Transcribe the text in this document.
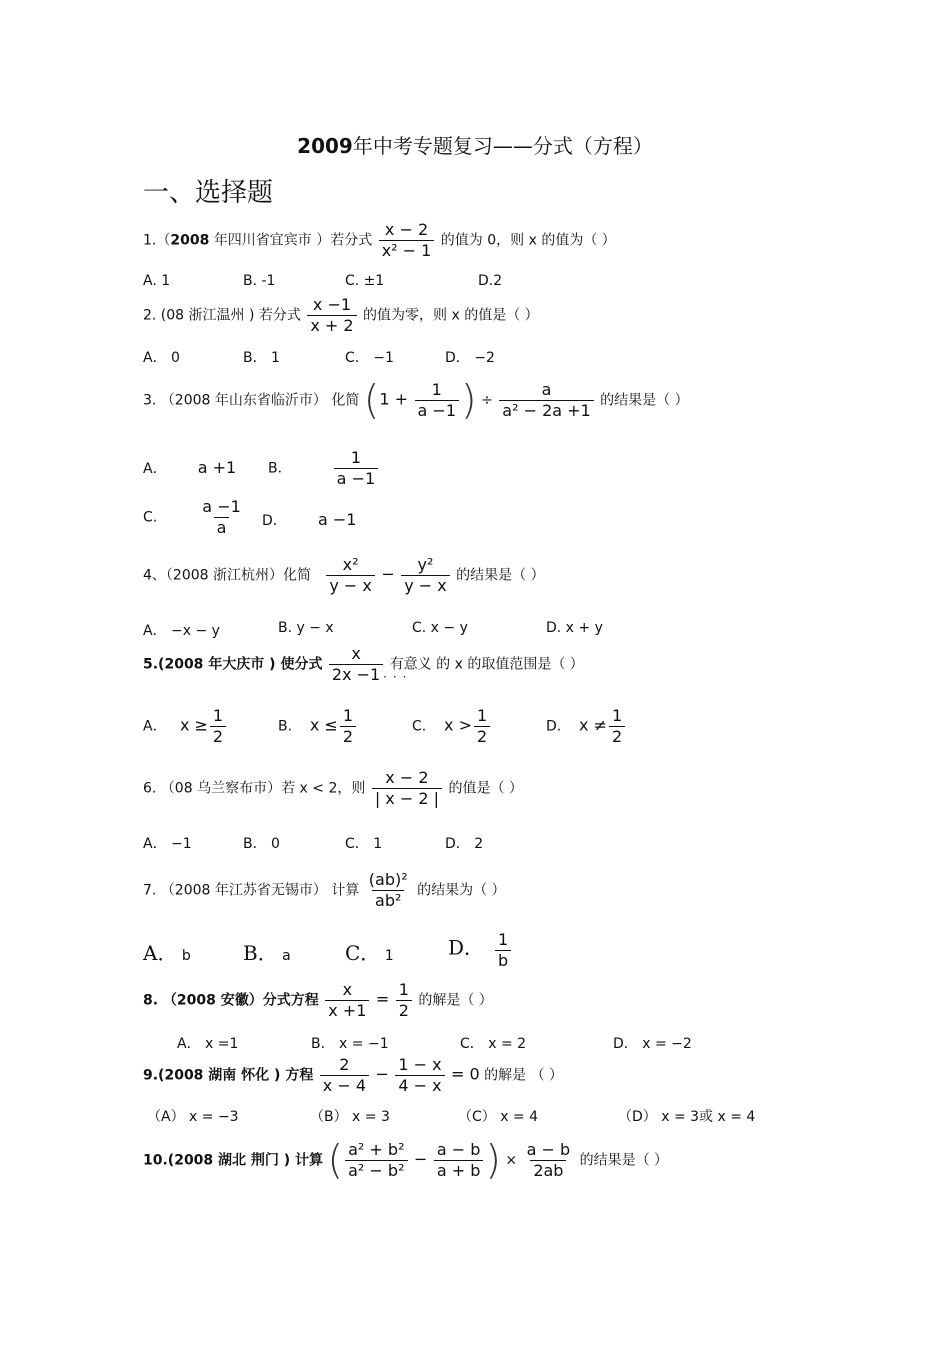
2009年中考专题复习——分式（方程）
一、选择题
1.（2008 年四川省宜宾市 ）若分式 $\frac{x - 2}{\text{x² − 1}}$ 的值为 0，则 x 的值为（ ）
A. 1	B. -1	C. ±1	D.2
2. (08 浙江温州 ) 若分式 $\frac{x -1}{x + 2}$ 的值为零，则 x 的值是（ ）
A． 0	B． 1	C． −1	D． −2
3. （2008 年山东省临沂市） 化简 ($1 + \frac{1}{a -1}$ ) ÷ $\frac{a}{\text{a² − 2a +1}}$ 的结果是（ ）
A． a +1 B．	$\frac{1}{a -1}$
C.	$\frac{a -1}{a}$ D． a −1
4、（2008 浙江杭州）化简 $\frac{\text{x²}}{y - x} - \frac{\text{y²}}{y - x}$ 的结果是（ ）
A． −x − y	B. y − x	C. x − y	D. x + y
5.(2008 年大庆市 ) 使分式 $\frac{x}{2x -1}$ 有意义 的 x 的取值范围是（ ）
···
A． $x \ge \frac{1}{2}$	B. $x \le \frac{1}{2}$	C. $x > \frac{1}{2}$	D. $x \ne \frac{1}{2}$
6. （08 乌兰察布市）若 x < 2，则 $\frac{x - 2}{| x - 2 |}$ 的值是（ ）
A． −1	B． 0	C． 1	D． 2
7. （2008 年江苏省无锡市） 计算 $\frac{\text{(ab)²}}{\text{ab²}}$ 的结果为（ ）
A． b	B． a	C． 1	D． $\frac{1}{b}$
8. （2008 安徽）分式方程 $\frac{x}{x +1} = \frac{1}{2}$ 的解是（ ）
A． x =1	B． x = −1	C． x = 2	D． x = −2
9.(2008 湖南 怀化 ) 方程 $\frac{2}{x - 4} - \frac{1 - x}{4 - x} = 0$ 的解是 （ ）
（A） x = −3	（B） x = 3	（C） x = 4	（D） x = 3或 x = 4
10.(2008 湖北 荆门 ) 计算 ( $\frac{\text{a² + b²}}{\text{a² − b²}} - \frac{a - b}{a + b}$ ) × $\frac{a - b}{2ab}$ 的结果是（ ）
